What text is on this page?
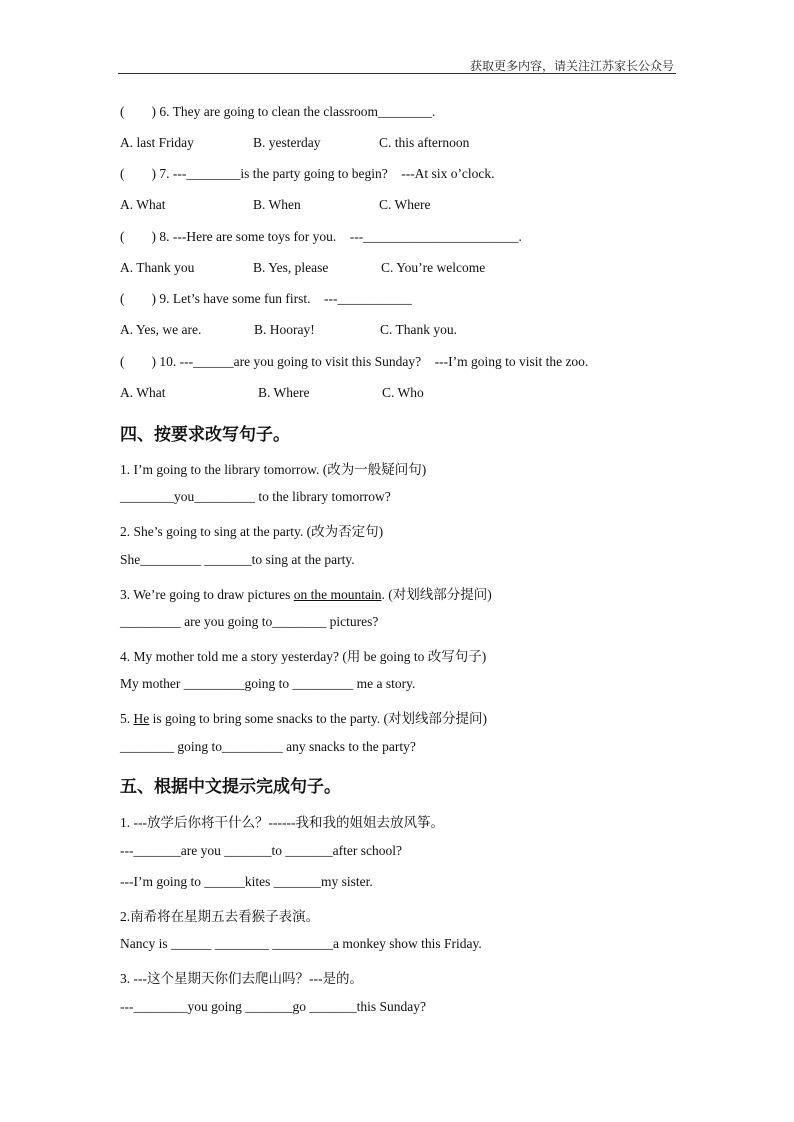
获取更多内容，请关注江苏家长公众号
(        ) 6. They are going to clean the classroom________.
A. last Friday	B. yesterday	C. this afternoon
(        ) 7. ---________is the party going to begin?    ---At six o’clock.
A. What	B. When	C. Where
(        ) 8. ---Here are some toys for you.    ---_______________________.
A. Thank you	B. Yes, please	C. You’re welcome
(        ) 9. Let’s have some fun first.    ---___________
A. Yes, we are.	B. Hooray!	C. Thank you.
(        ) 10. ---______are you going to visit this Sunday?    ---I’m going to visit the zoo.
A. What	B. Where	C. Who
四、按要求改写句子。
1. I’m going to the library tomorrow. (改为一般疑问句)
________you_________ to the library tomorrow?
2. She’s going to sing at the party. (改为否定句)
She_________ _______to sing at the party.
3. We’re going to draw pictures on the mountain. (对划线部分提问)
_________ are you going to________ pictures?
4. My mother told me a story yesterday? (用 be going to 改写句子)
My mother _________going to _________ me a story.
5. He is going to bring some snacks to the party. (对划线部分提问)
________ going to_________ any snacks to the party?
五、根据中文提示完成句子。
1. ---放学后你将干什么？------我和我的姐姐去放风筝。
---_______are you _______to _______after school?
---I’m going to ______kites _______my sister.
2.南希将在星期五去看猴子表演。
Nancy is ______ ________ _________a monkey show this Friday.
3. ---这个星期天你们去爬山吗？---是的。
---________you going _______go _______this Sunday?
